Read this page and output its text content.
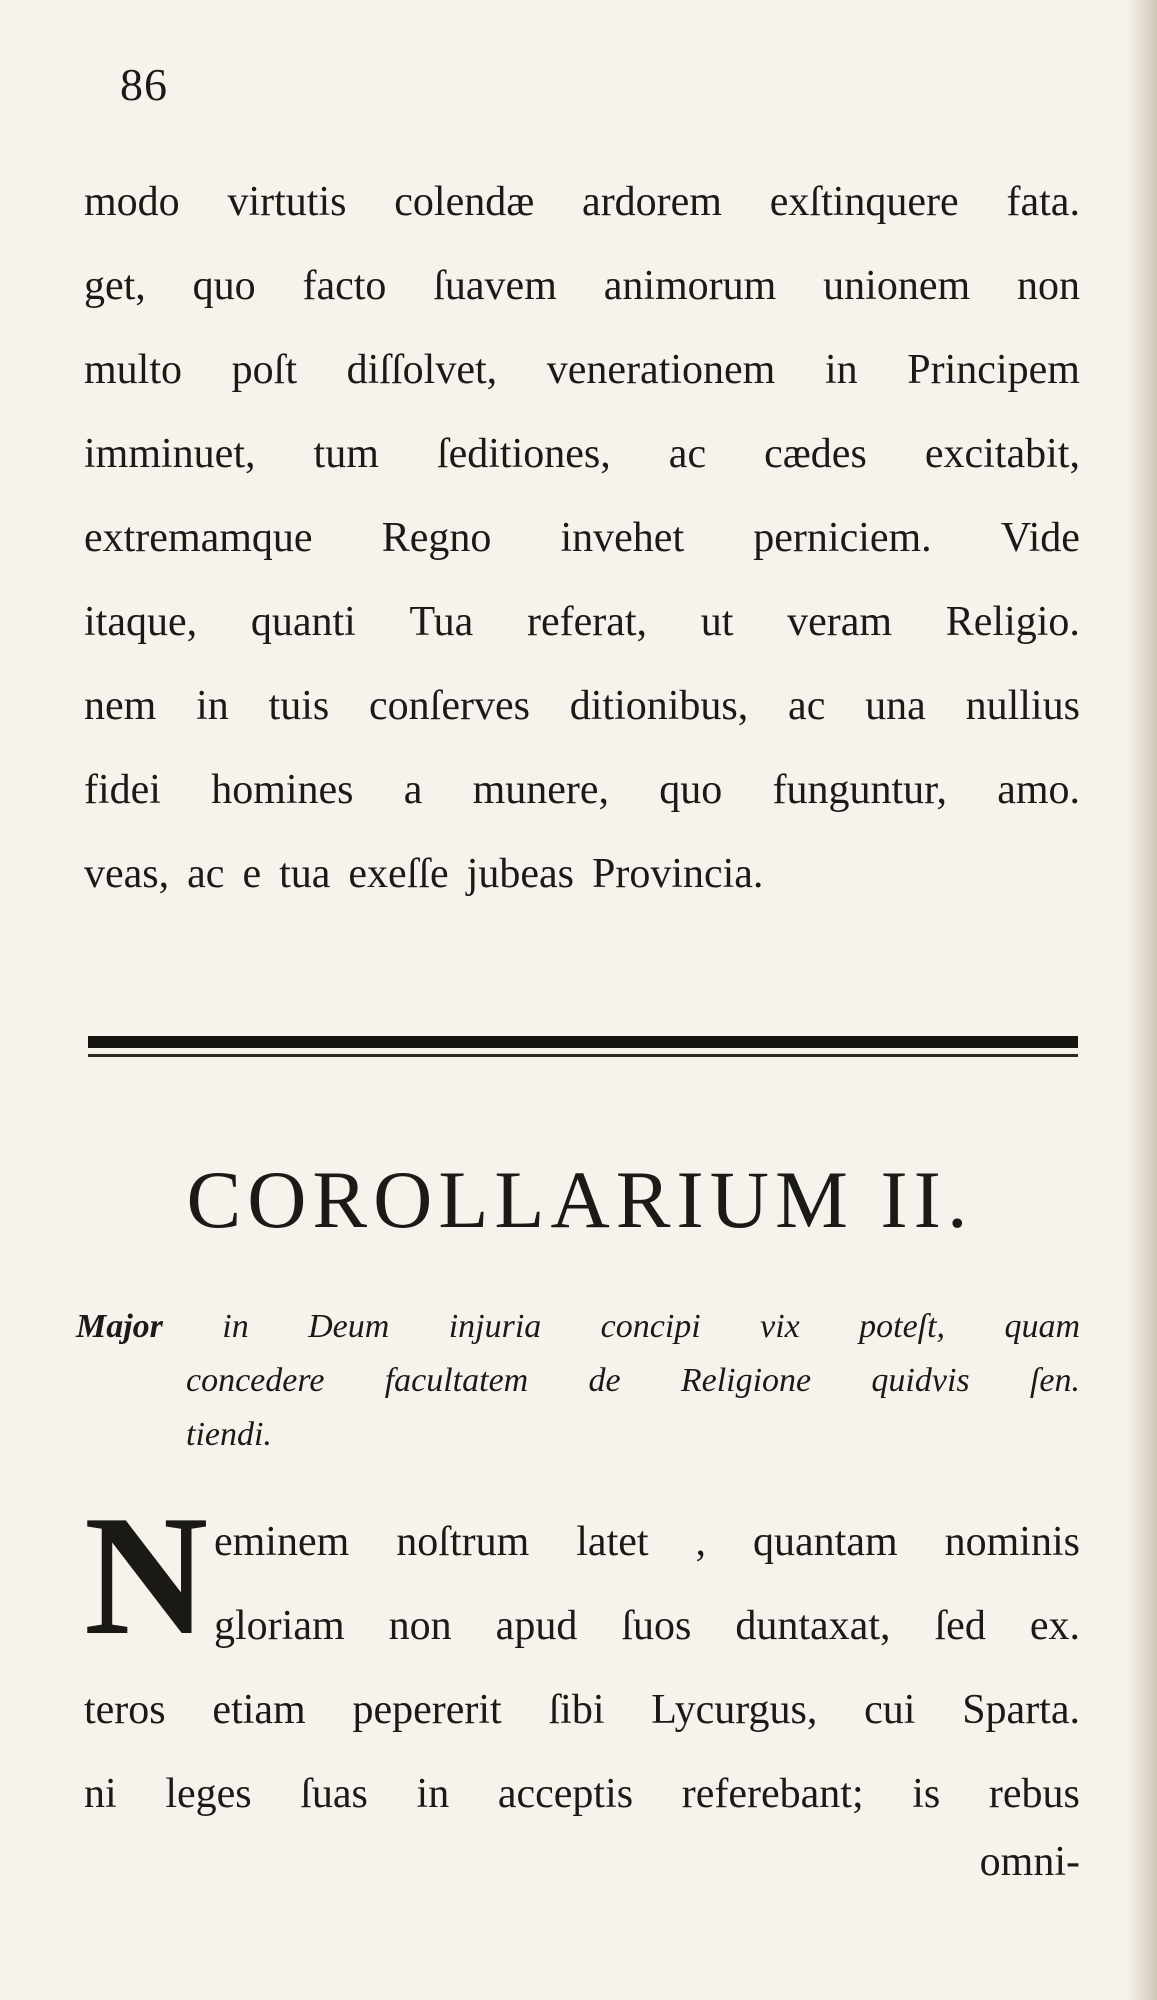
86
modo virtutis colendæ ardorem exſtinquere fata.
get, quo facto ſuavem animorum unionem non
multo poſt diſſolvet, venerationem in Principem
imminuet, tum ſeditiones, ac cædes excitabit,
extremamque Regno invehet perniciem. Vide
itaque, quanti Tua referat, ut veram Religio.
nem in tuis conſerves ditionibus, ac una nullius
fidei homines a munere, quo funguntur, amo.
veas, ac e tua exeſſe jubeas Provincia.
COROLLARIUM II.
Major in Deum injuria concipi vix poteſt, quam
concedere facultatem de Religione quidvis ſen.
tiendi.
N eminem noſtrum latet , quantam nominis
gloriam non apud ſuos duntaxat, ſed ex.
teros etiam pepererit ſibi Lycurgus, cui Sparta.
ni leges ſuas in acceptis referebant; is rebus
omni-
